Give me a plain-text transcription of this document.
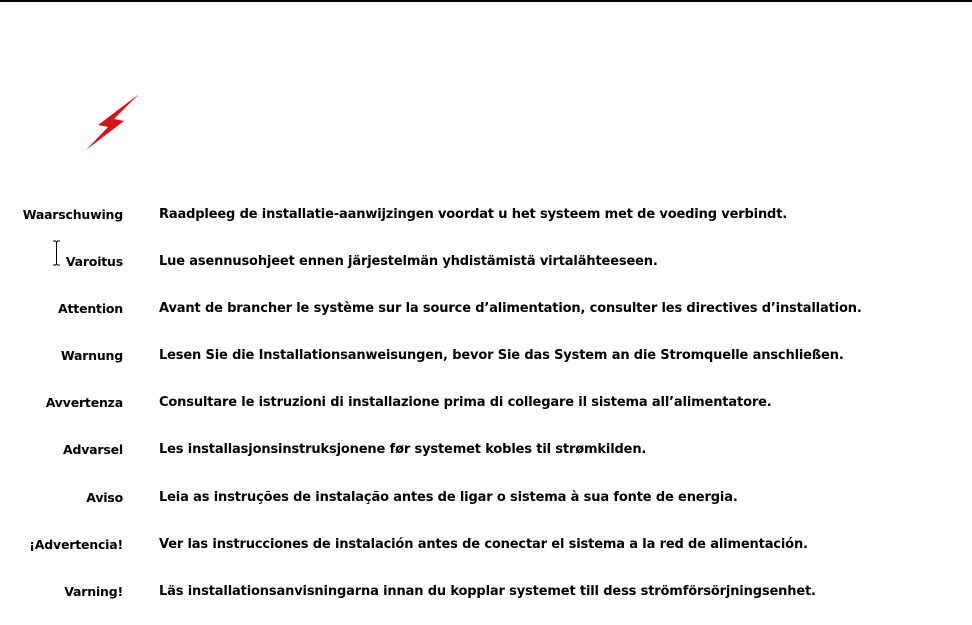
Waarschuwing	Raadpleeg de installatie-aanwijzingen voordat u het systeem met de voeding verbindt.
Varoitus	Lue asennusohjeet ennen järjestelmän yhdistämistä virtalähteeseen.
Attention	Avant de brancher le système sur la source d’alimentation, consulter les directives d’installation.
Warnung	Lesen Sie die Installationsanweisungen, bevor Sie das System an die Stromquelle anschließen.
Avvertenza	Consultare le istruzioni di installazione prima di collegare il sistema all’alimentatore.
Advarsel	Les installasjonsinstruksjonene før systemet kobles til strømkilden.
Aviso	Leia as instruções de instalação antes de ligar o sistema à sua fonte de energia.
¡Advertencia!	Ver las instrucciones de instalación antes de conectar el sistema a la red de alimentación.
Varning!	Läs installationsanvisningarna innan du kopplar systemet till dess strömförsörjningsenhet.
